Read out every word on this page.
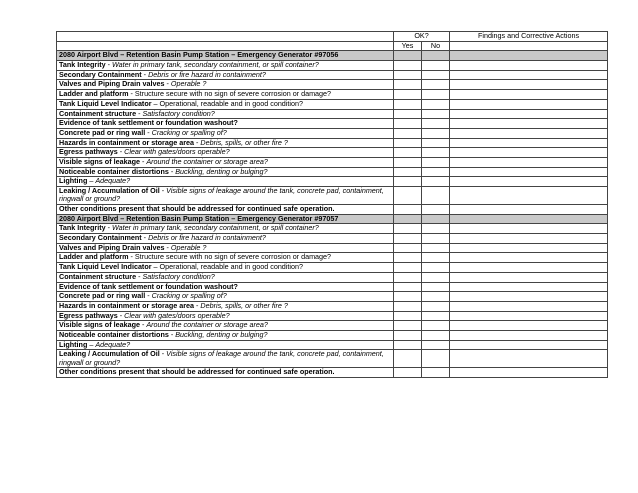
	OK?		Findings and Corrective Actions
	Yes	No	
2080 Airport Blvd – Retention Basin Pump Station – Emergency Generator #97056			
Tank Integrity - Water in primary tank, secondary containment, or spill container?			
Secondary Containment - Debris or fire hazard in containment?			
Valves and Piping Drain valves - Operable ?			
Ladder and platform - Structure secure with no sign of severe corrosion or damage?			
Tank Liquid Level Indicator – Operational, readable and in good condition?			
Containment structure - Satisfactory condition?			
Evidence of tank settlement or foundation washout?			
Concrete pad or ring wall - Cracking or spalling of?			
Hazards in containment or storage area - Debris, spills, or other fire ?			
Egress pathways - Clear with gates/doors operable?			
Visible signs of leakage - Around the container or storage area?			
Noticeable container distortions - Buckling, denting or bulging?			
Lighting – Adequate?			
Leaking / Accumulation of Oil - Visible signs of leakage around the tank, concrete pad, containment, ringwall or ground?			
Other conditions present that should be addressed for continued safe operation.			
2080 Airport Blvd – Retention Basin Pump Station – Emergency Generator #97057			
Tank Integrity - Water in primary tank, secondary containment, or spill container?			
Secondary Containment - Debris or fire hazard in containment?			
Valves and Piping Drain valves - Operable ?			
Ladder and platform - Structure secure with no sign of severe corrosion or damage?			
Tank Liquid Level Indicator – Operational, readable and in good condition?			
Containment structure - Satisfactory condition?			
Evidence of tank settlement or foundation washout?			
Concrete pad or ring wall - Cracking or spalling of?			
Hazards in containment or storage area - Debris, spills, or other fire ?			
Egress pathways - Clear with gates/doors operable?			
Visible signs of leakage - Around the container or storage area?			
Noticeable container distortions - Buckling, denting or bulging?			
Lighting – Adequate?			
Leaking / Accumulation of Oil - Visible signs of leakage around the tank, concrete pad, containment, ringwall or ground?			
Other conditions present that should be addressed for continued safe operation.			
